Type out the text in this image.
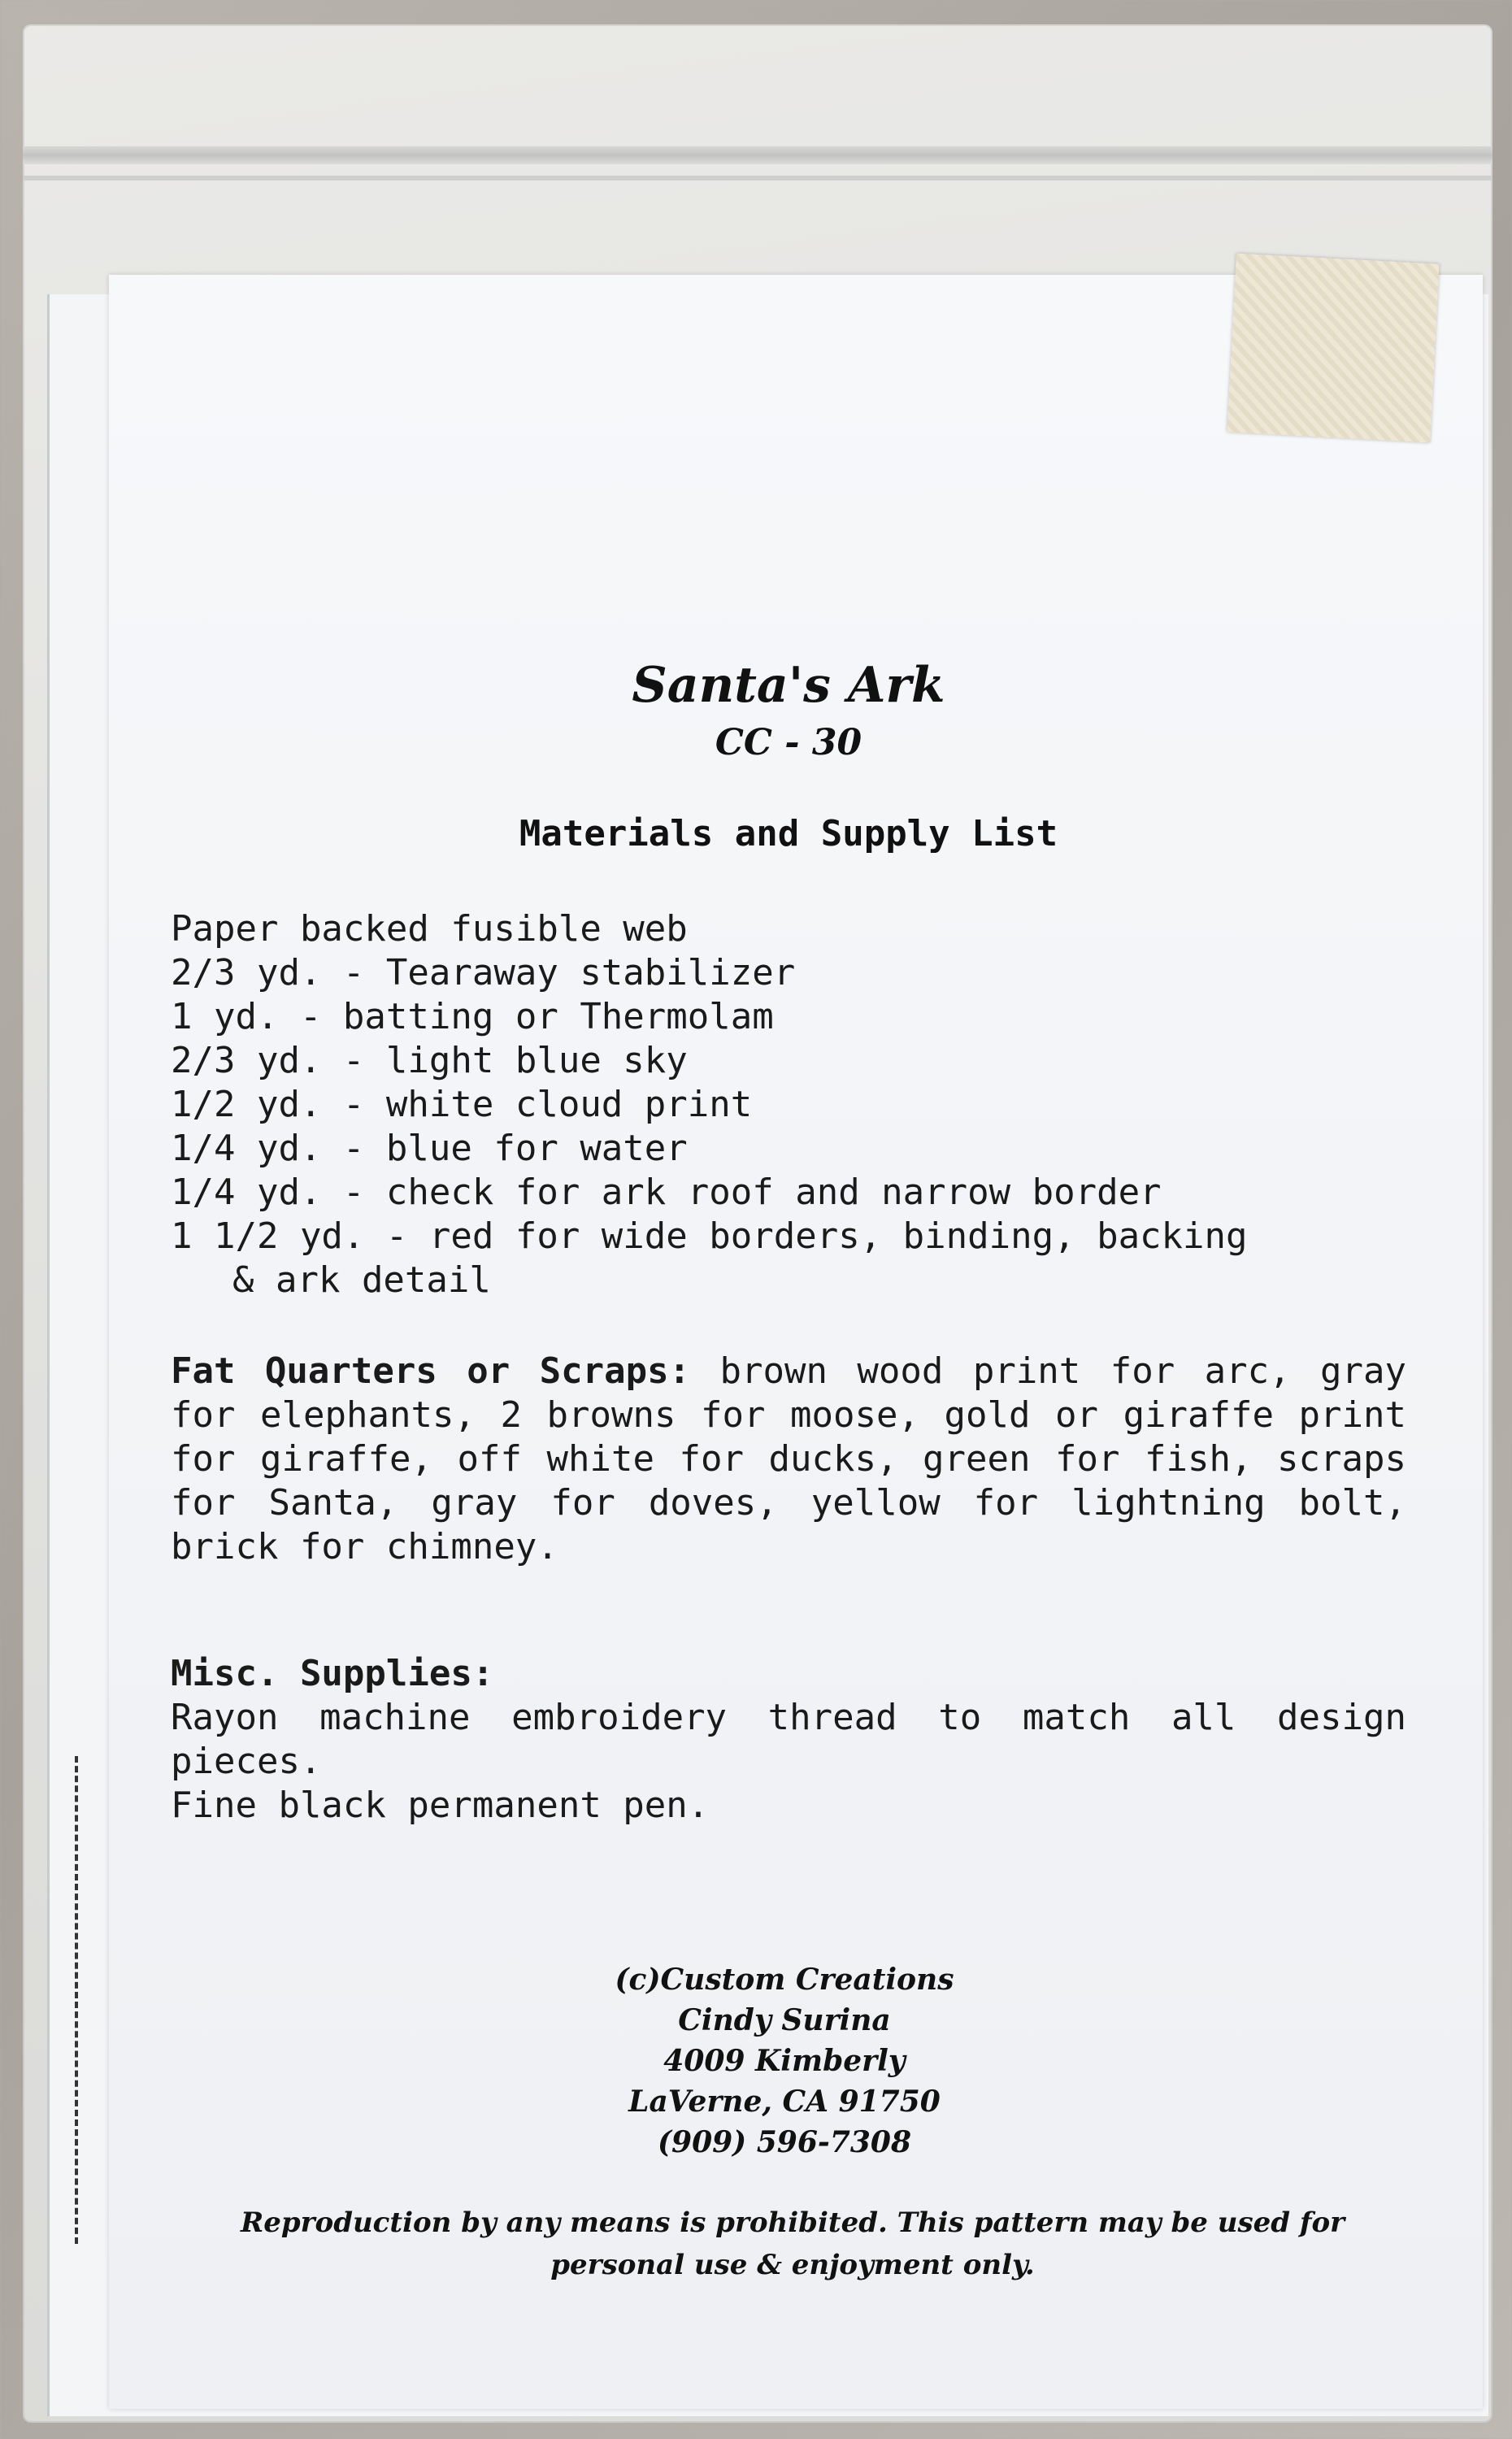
Santa's Ark
CC - 30
Materials and Supply List
Paper backed fusible web
2/3 yd. - Tearaway stabilizer
1 yd. - batting or Thermolam
2/3 yd. - light blue sky
1/2 yd. - white cloud print
1/4 yd. - blue for water
1/4 yd. - check for ark roof and narrow border
1 1/2 yd. - red for wide borders, binding, backing
& ark detail
Fat Quarters or Scraps: brown wood print for arc, gray for elephants, 2 browns for moose, gold or giraffe print for giraffe, off white for ducks, green for fish, scraps for Santa, gray for doves, yellow for lightning bolt, brick for chimney.
Misc. Supplies:
Rayon machine embroidery thread to match all design pieces.
Fine black permanent pen.
(c)Custom Creations
Cindy Surina
4009 Kimberly
LaVerne, CA 91750
(909) 596-7308
Reproduction by any means is prohibited. This pattern may be used for personal use & enjoyment only.
